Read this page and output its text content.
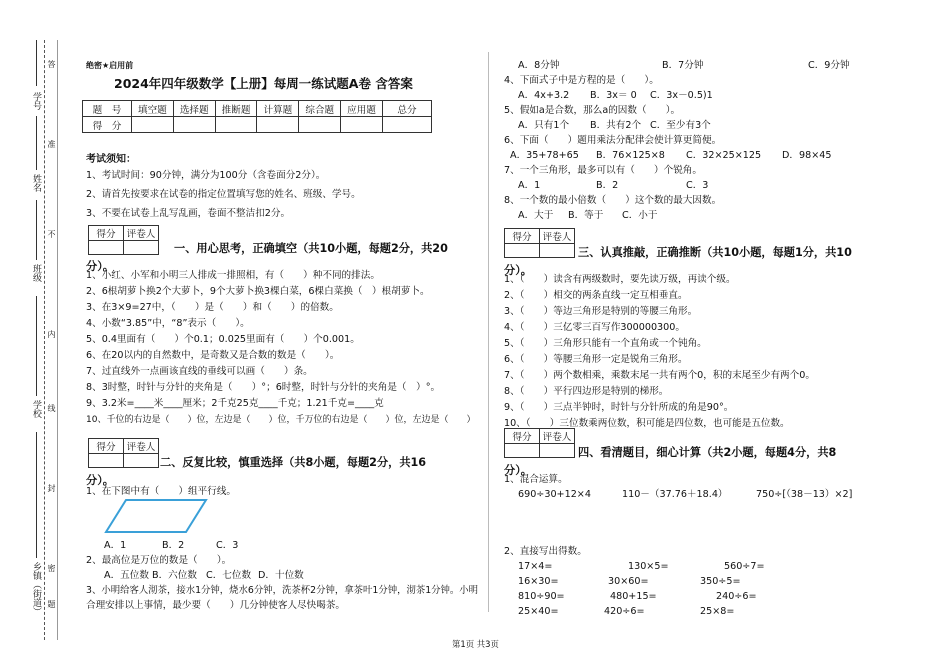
学号
姓名
班级
学校
乡镇（街道）
答
准
不
内
线
封
密
题
绝密★启用前
2024年四年级数学【上册】每周一练试题A卷 含答案
题　号	填空题	选择题	推断题	计算题	综合题	应用题	总分
得　分							
考试须知：
1、考试时间：90分钟，满分为100分（含卷面分2分）。
2、请首先按要求在试卷的指定位置填写您的姓名、班级、学号。
3、不要在试卷上乱写乱画，卷面不整洁扣2分。
得分	评卷人

一、用心思考，正确填空（共10小题，每题2分，共20
分）。
1、小红、小军和小明三人排成一排照相，有（　　）种不同的排法。
2、6根胡萝卜换2个大萝卜，9个大萝卜换3棵白菜，6棵白菜换（　）根胡萝卜。
3、在3×9=27中，（　　）是（　　）和（　　）的倍数。
4、小数“3.85”中，“8”表示（　　）。
5、0.4里面有（　　）个0.1；0.025里面有（　　）个0.001。
6、在20以内的自然数中，是奇数又是合数的数是（　　）。
7、过直线外一点画该直线的垂线可以画（　　）条。
8、3时整，时针与分针的夹角是（　　）°；6时整，时针与分针的夹角是（　）°。
9、3.2米=____米____厘米；2千克25克____千克；1.21千克=____克
10、千位的右边是（　　）位，左边是（　　）位，千万位的右边是（　　）位，左边是（　　）
得分	评卷人

二、反复比较，慎重选择（共8小题，每题2分，共16
分）。
1、在下图中有（　　）组平行线。
A．1	B．2	C．3
2、最高位是万位的数是（　　）。
A．五位数 B．六位数 C．七位数 D．十位数
3、小明给客人沏茶，接水1分钟，烧水6分钟，洗茶杯2分钟，拿茶叶1分钟，沏茶1分钟。小明
合理安排以上事情，最少要（　　）几分钟使客人尽快喝茶。
A．8分钟	B．7分钟	C．9分钟
4、下面式子中是方程的是（　　）。
A．4x+3.2 B．3x＝ 0 C．3x－0.5)1
5、假如a是合数，那么a的因数（　　）。
A．只有1个 B．共有2个 C．至少有3个
6、下面（　　）题用乘法分配律会使计算更简便。
A．35+78+65 B．76×125×8 C．32×25×125 D．98×45
7、一个三角形，最多可以有（　　）个锐角。
A．1	B．2	C．3
8、一个数的最小倍数（　　）这个数的最大因数。
A．大于 B．等于 C．小于
得分	评卷人

三、认真推敲，正确推断（共10小题，每题1分，共10
分）。
1、（　　）读含有两级数时，要先读万级，再读个级。
2、（　　）相交的两条直线一定互相垂直。
3、（　　）等边三角形是特别的等腰三角形。
4、（　　）三亿零三百写作300000300。
5、（　　）三角形只能有一个直角或一个钝角。
6、（　　）等腰三角形一定是锐角三角形。
7、（　　）两个数相乘，乘数末尾一共有两个0，积的末尾至少有两个0。
8、（　　）平行四边形是特别的梯形。
9、（　　）三点半钟时，时针与分针所成的角是90°。
10、（　　）三位数乘两位数，积可能是四位数，也可能是五位数。
得分	评卷人

四、看清题目，细心计算（共2小题，每题4分，共8
分）。
1、混合运算。
690÷30+12×4	110－（37.76＋18.4）	750÷[（38－13）×2]
2、直接写出得数。
17×4=	130×5=	560÷7=
16×30=	30×60=	350÷5=
810÷90=	480+15=	240÷6=
25×40=	420÷6=	25×8=
第1页 共3页
